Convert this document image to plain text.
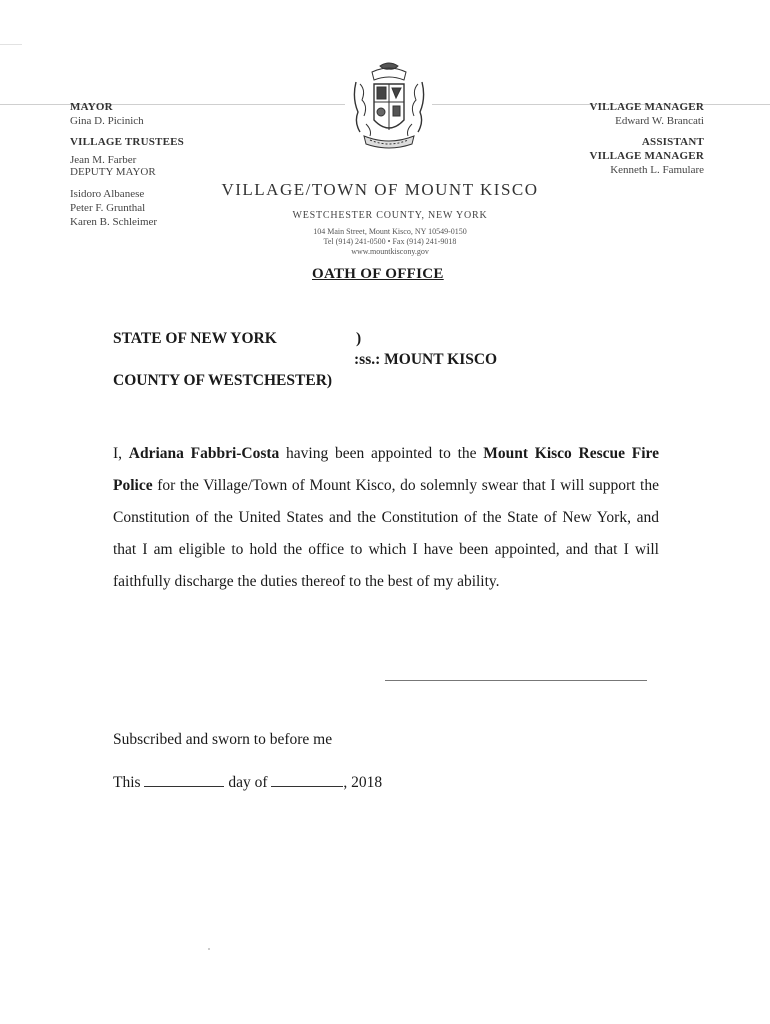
MAYOR
Gina D. Picinich
VILLAGE TRUSTEES
Jean M. Farber
DEPUTY MAYOR
Isidoro Albanese
Peter F. Grunthal
Karen B. Schleimer
VILLAGE MANAGER
Edward W. Brancati
ASSISTANT
VILLAGE MANAGER
Kenneth L. Famulare
VILLAGE/TOWN OF MOUNT KISCO
WESTCHESTER COUNTY, NEW YORK
104 Main Street, Mount Kisco, NY 10549-0150
Tel (914) 241-0500 • Fax (914) 241-9018
www.mountkiscony.gov
OATH OF OFFICE
STATE OF NEW YORK	)
:ss.: MOUNT KISCO
COUNTY OF WESTCHESTER)
I, Adriana Fabbri-Costa having been appointed to the Mount Kisco Rescue Fire Police for the Village/Town of Mount Kisco, do solemnly swear that I will support the Constitution of the United States and the Constitution of the State of New York, and that I am eligible to hold the office to which I have been appointed, and that I will faithfully discharge the duties thereof to the best of my ability.
Subscribed and sworn to before me
This	day of	, 2018
